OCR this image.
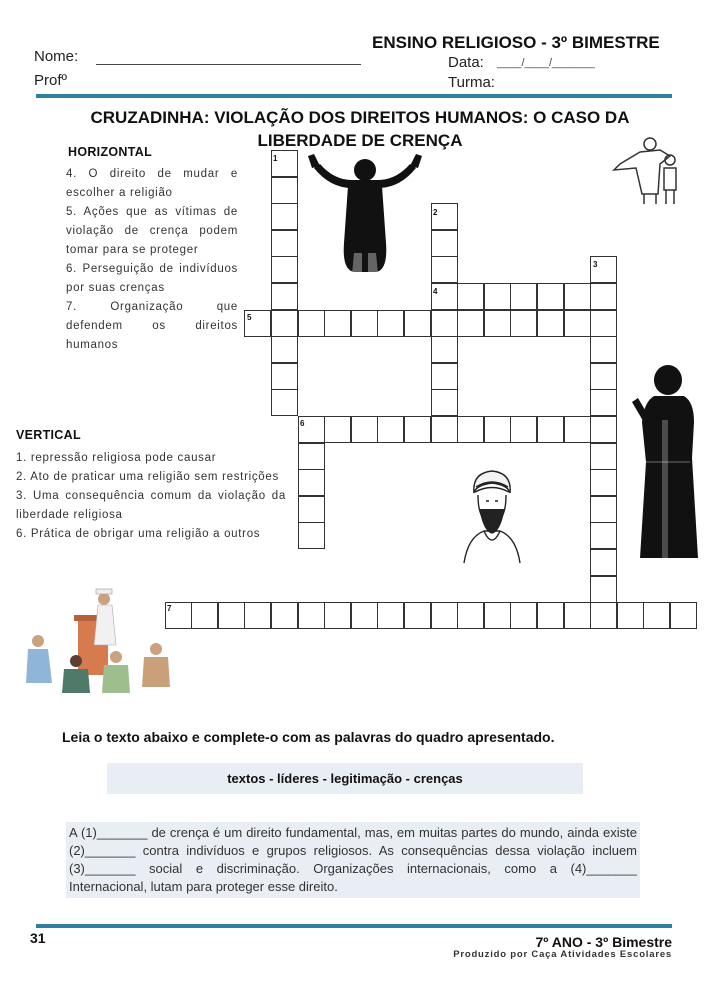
ENSINO RELIGIOSO - 3º BIMESTRE
Nome:	Data: ____/____/_______
Profº	Turma:
CRUZADINHA: VIOLAÇÃO DOS DIREITOS HUMANOS: O CASO DA
LIBERDADE DE CRENÇA
HORIZONTAL

4. O direito de mudar e escolher a religião

5. Ações que as vítimas de violação de crença podem tomar para se proteger

6. Perseguição de indivíduos por suas crenças

7. Organização que defendem os direitos humanos

VERTICAL

1. repressão religiosa pode causar

2. Ato de praticar uma religião sem restrições

3. Uma consequência comum da violação da liberdade religiosa

6. Prática de obrigar uma religião a outros

1
2
3
4
5
6
7
Leia o texto abaixo e complete-o com as palavras do quadro apresentado.
textos - líderes - legitimação - crenças
A (1)_______ de crença é um direito fundamental, mas, em muitas partes do mundo, ainda existe (2)_______ contra indivíduos e grupos religiosos. As consequências dessa violação incluem (3)_______ social e discriminação. Organizações internacionais, como a (4)_______ Internacional, lutam para proteger esse direito.
31	7º ANO - 3º Bimestre
Produzido por Caça Atividades Escolares
